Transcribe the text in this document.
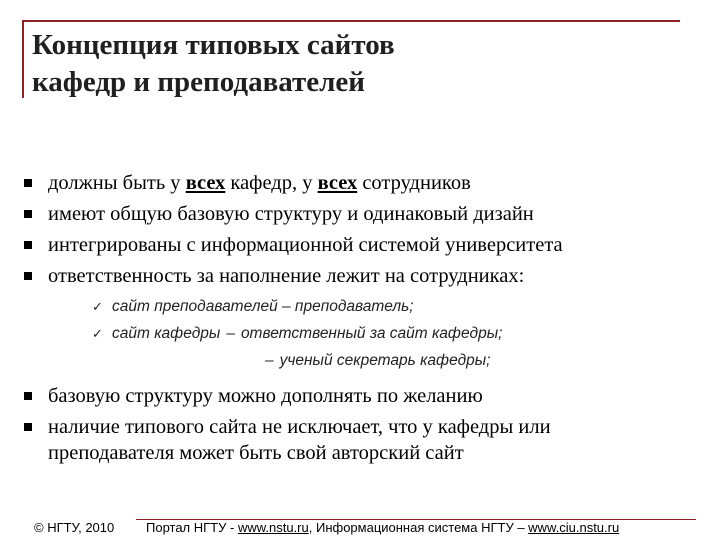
Концепция типовых сайтов
кафедр и преподавателей
должны быть у всех кафедр, у всех сотрудников
имеют общую базовую структуру и одинаковый дизайн
интегрированы с информационной системой университета
ответственность за наполнение лежит на сотрудниках:
✓ сайт преподавателей – преподаватель;
✓ сайт кафедры – ответственный за сайт кафедры;
– ученый секретарь кафедры;
базовую структуру можно дополнять по желанию
наличие типового сайта не исключает, что у кафедры или преподавателя может быть свой авторский сайт
© НГТУ, 2010 Портал НГТУ - www.nstu.ru, Информационная система НГТУ – www.ciu.nstu.ru
